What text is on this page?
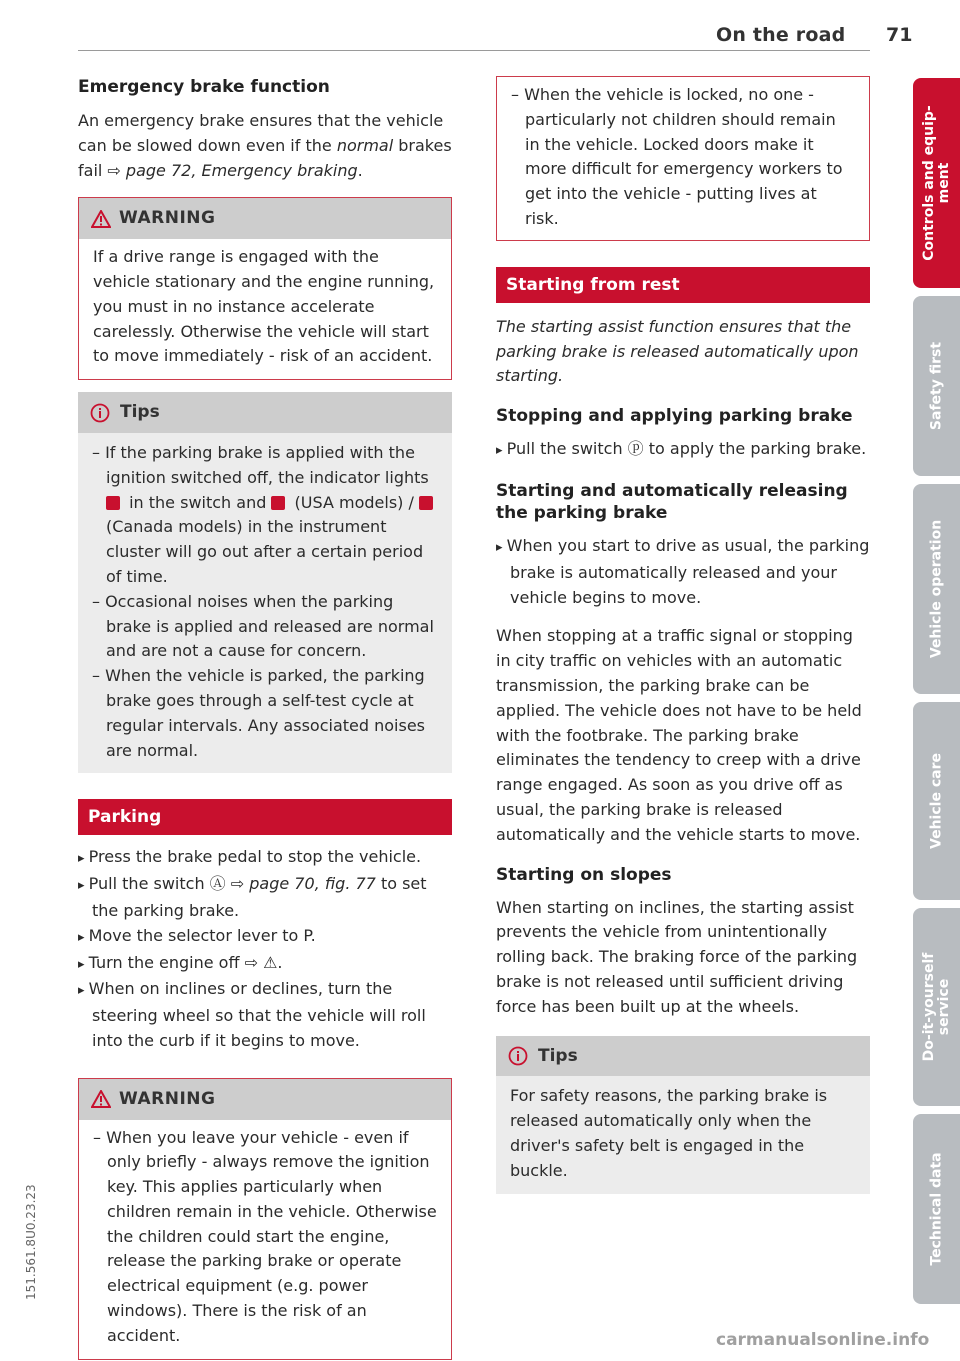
On the road 71
Emergency brake function

An emergency brake ensures that the vehicle
can be slowed down even if the normal brakes
fail ⇨ page 72, Emergency braking.

WARNING
If a drive range is engaged with the vehicle stationary and the engine running, you must in no instance accelerate carelessly. Otherwise the vehicle will start to move immediately - risk of an accident.
Tips

– If the parking brake is applied with the ignition switched off, the indicator lights  in the switch and  (USA models) /  (Canada models) in the instrument cluster will go out after a certain period of time.

– Occasional noises when the parking brake is applied and released are normal and are not a cause for concern.

– When the vehicle is parked, the parking brake goes through a self-test cycle at regular intervals. Any associated noises are normal.

Parking

▸ Press the brake pedal to stop the vehicle.

▸ Pull the switch Ⓐ ⇨ page 70, fig. 77 to set the parking brake.

▸ Move the selector lever to P.

▸ Turn the engine off ⇨ ⚠.

▸ When on inclines or declines, turn the steering wheel so that the vehicle will roll into the curb if it begins to move.

WARNING
– When you leave your vehicle - even if only briefly - always remove the ignition key. This applies particularly when children remain in the vehicle. Otherwise the children could start the engine, release the parking brake or operate electrical equipment (e.g. power windows). There is the risk of an accident.
– When the vehicle is locked, no one - particularly not children should remain in the vehicle. Locked doors make it more difficult for emergency workers to get into the vehicle - putting lives at risk.
Starting from rest

The starting assist function ensures that the parking brake is released automatically upon starting.

Stopping and applying parking brake

▸ Pull the switch ⓟ to apply the parking brake.

Starting and automatically releasing the parking brake

▸ When you start to drive as usual, the parking brake is automatically released and your vehicle begins to move.

When stopping at a traffic signal or stopping in city traffic on vehicles with an automatic transmission, the parking brake can be applied. The vehicle does not have to be held with the footbrake. The parking brake eliminates the tendency to creep with a drive range engaged. As soon as you drive off as usual, the parking brake is released automatically and the vehicle starts to move.

Starting on slopes

When starting on inclines, the starting assist prevents the vehicle from unintentionally rolling back. The braking force of the parking brake is not released until sufficient driving force has been built up at the wheels.

Tips
For safety reasons, the parking brake is released automatically only when the driver's safety belt is engaged in the buckle.
Controls and equip-
ment
Safety first
Vehicle operation
Vehicle care
Do-it-yourself
service
Technical data
151.561.8U0.23.23
carmanualsonline.info
